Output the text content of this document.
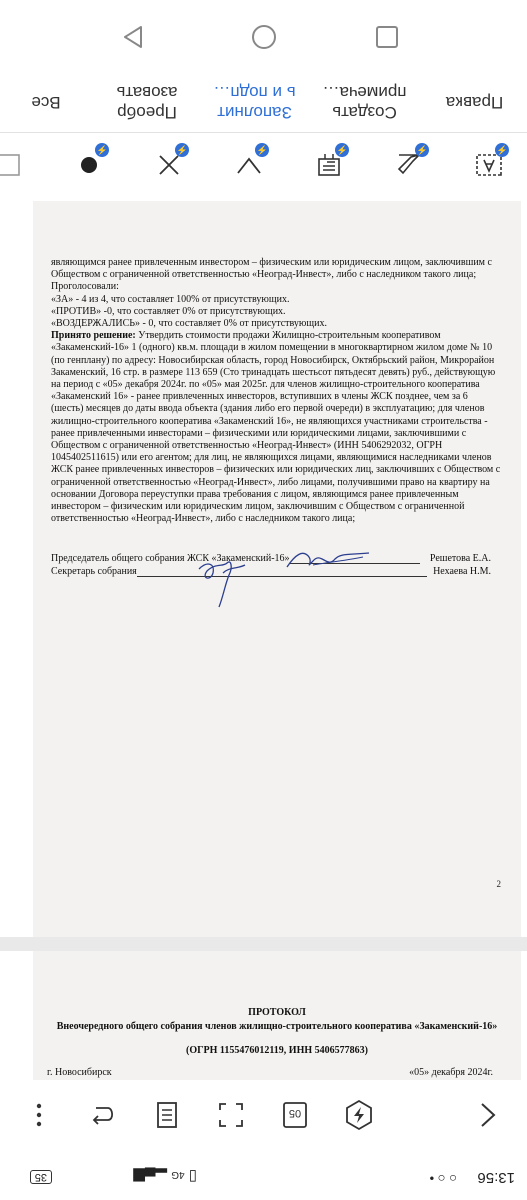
Правка
Создать
примеча…
Заполнит
ь и подп…
Преобр
азовать
Все
⚡
⚡
⚡
⚡
⚡
⚡

являющимся ранее привлеченным инвестором – физическим или юридическим лицом, заключившим с Обществом с ограниченной ответственностью «Неоград-Инвест», либо с наследником такого лица;

Проголосовали:

«ЗА» - 4 из 4, что составляет 100% от присутствующих.

«ПРОТИВ» -0, что составляет 0% от присутствующих.

«ВОЗДЕРЖАЛИСЬ» - 0, что составляет 0% от присутствующих.

Принято решение: Утвердить стоимости продажи Жилищно-строительным кооперативом «Закаменский-16» 1 (одного) кв.м. площади в жилом помещении в многоквартирном жилом доме № 10 (по генплану) по адресу: Новосибирская область, город Новосибирск, Октябрьский район, Микрорайон Закаменский, 16 стр. в размере 113 659 (Сто тринадцать шестьсот пятьдесят девять) руб., действующую на период с «05» декабря 2024г. по «05» мая 2025г. для членов жилищно-строительного кооператива «Закаменский 16» - ранее привлеченных инвесторов, вступивших в члены ЖСК позднее, чем за 6 (шесть) месяцев до даты ввода объекта (здания либо его первой очереди) в эксплуатацию; для членов жилищно-строительного кооператива «Закаменский 16», не являющихся участниками строительства - ранее привлеченными инвесторами – физическими или юридическими лицами, заключившими с Обществом с ограниченной ответственностью «Неоград-Инвест» (ИНН 5406292032, ОГРН 1045402511615) или его агентом; для лиц, не являющихся лицами, являющимися наследниками членов ЖСК ранее привлеченных инвесторов – физических или юридических лиц, заключивших с Обществом с ограниченной ответственностью «Неоград-Инвест», либо лицами, получившими право на квартиру на основании Договора переуступки права требования с лицом, являющимся ранее привлеченным инвестором – физическим или юридическим лицом, заключившим с Обществом с ограниченной ответственностью «Неоград-Инвест», либо с наследником такого лица;

Председатель общего собрания ЖСК «Закаменский-16»	Решетова Е.А.
Секретарь собрания	Нехаева Н.М.
2
ПРОТОКОЛ
Внеочередного общего собрания членов жилищно-строительного кооператива «Закаменский-16»
(ОГРН 1155476012119, ИНН 5406577863)
г. Новосибирск	«05» декабря 2024г.
05
13:56
○ ○ •
▯ 4G ▂▄▆
35
